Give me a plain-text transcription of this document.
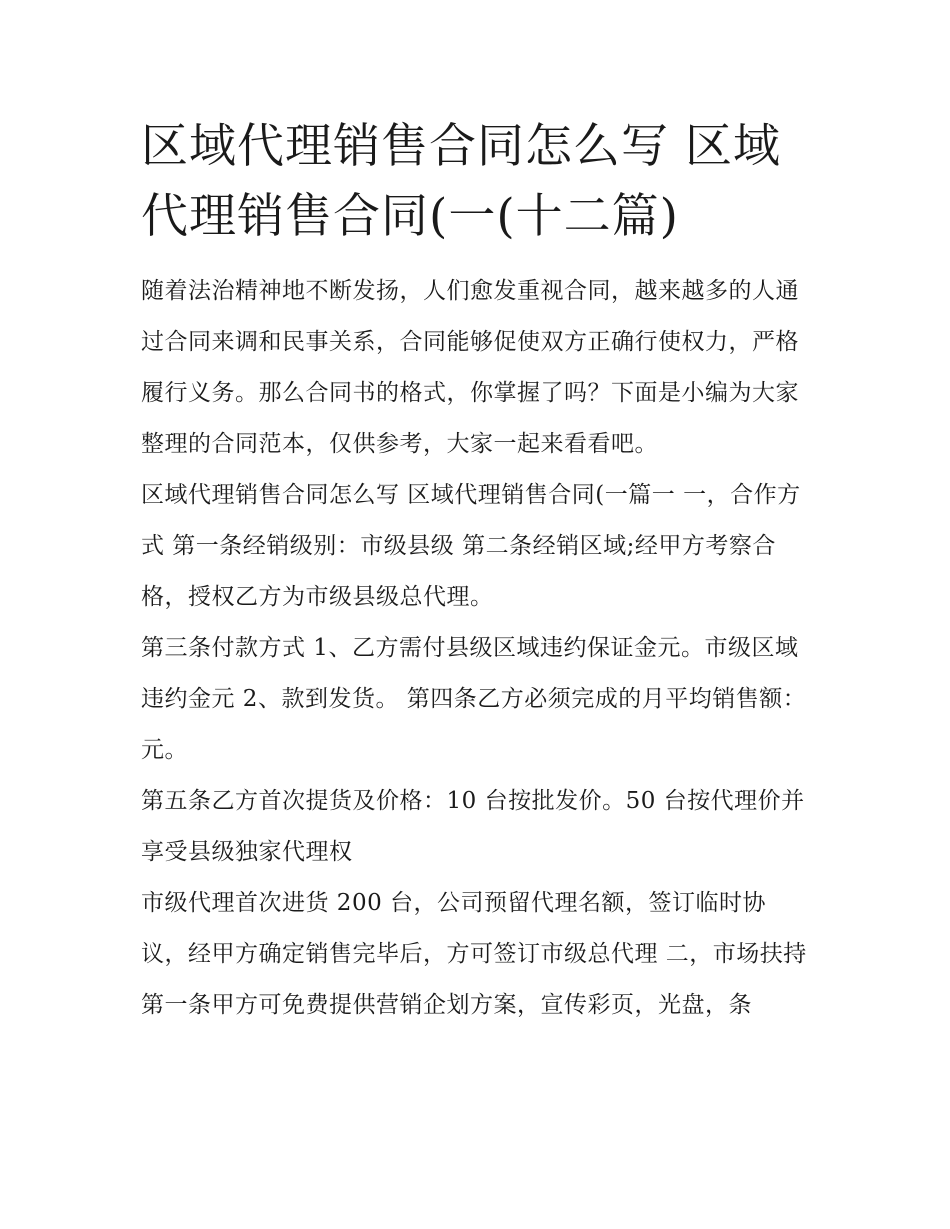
区域代理销售合同怎么写 区域代理销售合同(一(十二篇)

随着法治精神地不断发扬，人们愈发重视合同，越来越多的人通过合同来调和民事关系，合同能够促使双方正确行使权力，严格履行义务。那么合同书的格式，你掌握了吗？下面是小编为大家整理的合同范本，仅供参考，大家一起来看看吧。

区域代理销售合同怎么写 区域代理销售合同(一篇一 一，合作方式 第一条经销级别：市级县级 第二条经销区域;经甲方考察合格，授权乙方为市级县级总代理。

第三条付款方式 1、乙方需付县级区域违约保证金元。市级区域违约金元 2、款到发货。 第四条乙方必须完成的月平均销售额：元。

第五条乙方首次提货及价格：10 台按批发价。50 台按代理价并享受县级独家代理权

市级代理首次进货 200 台，公司预留代理名额，签订临时协议，经甲方确定销售完毕后，方可签订市级总代理 二，市场扶持

第一条甲方可免费提供营销企划方案，宣传彩页，光盘，条
